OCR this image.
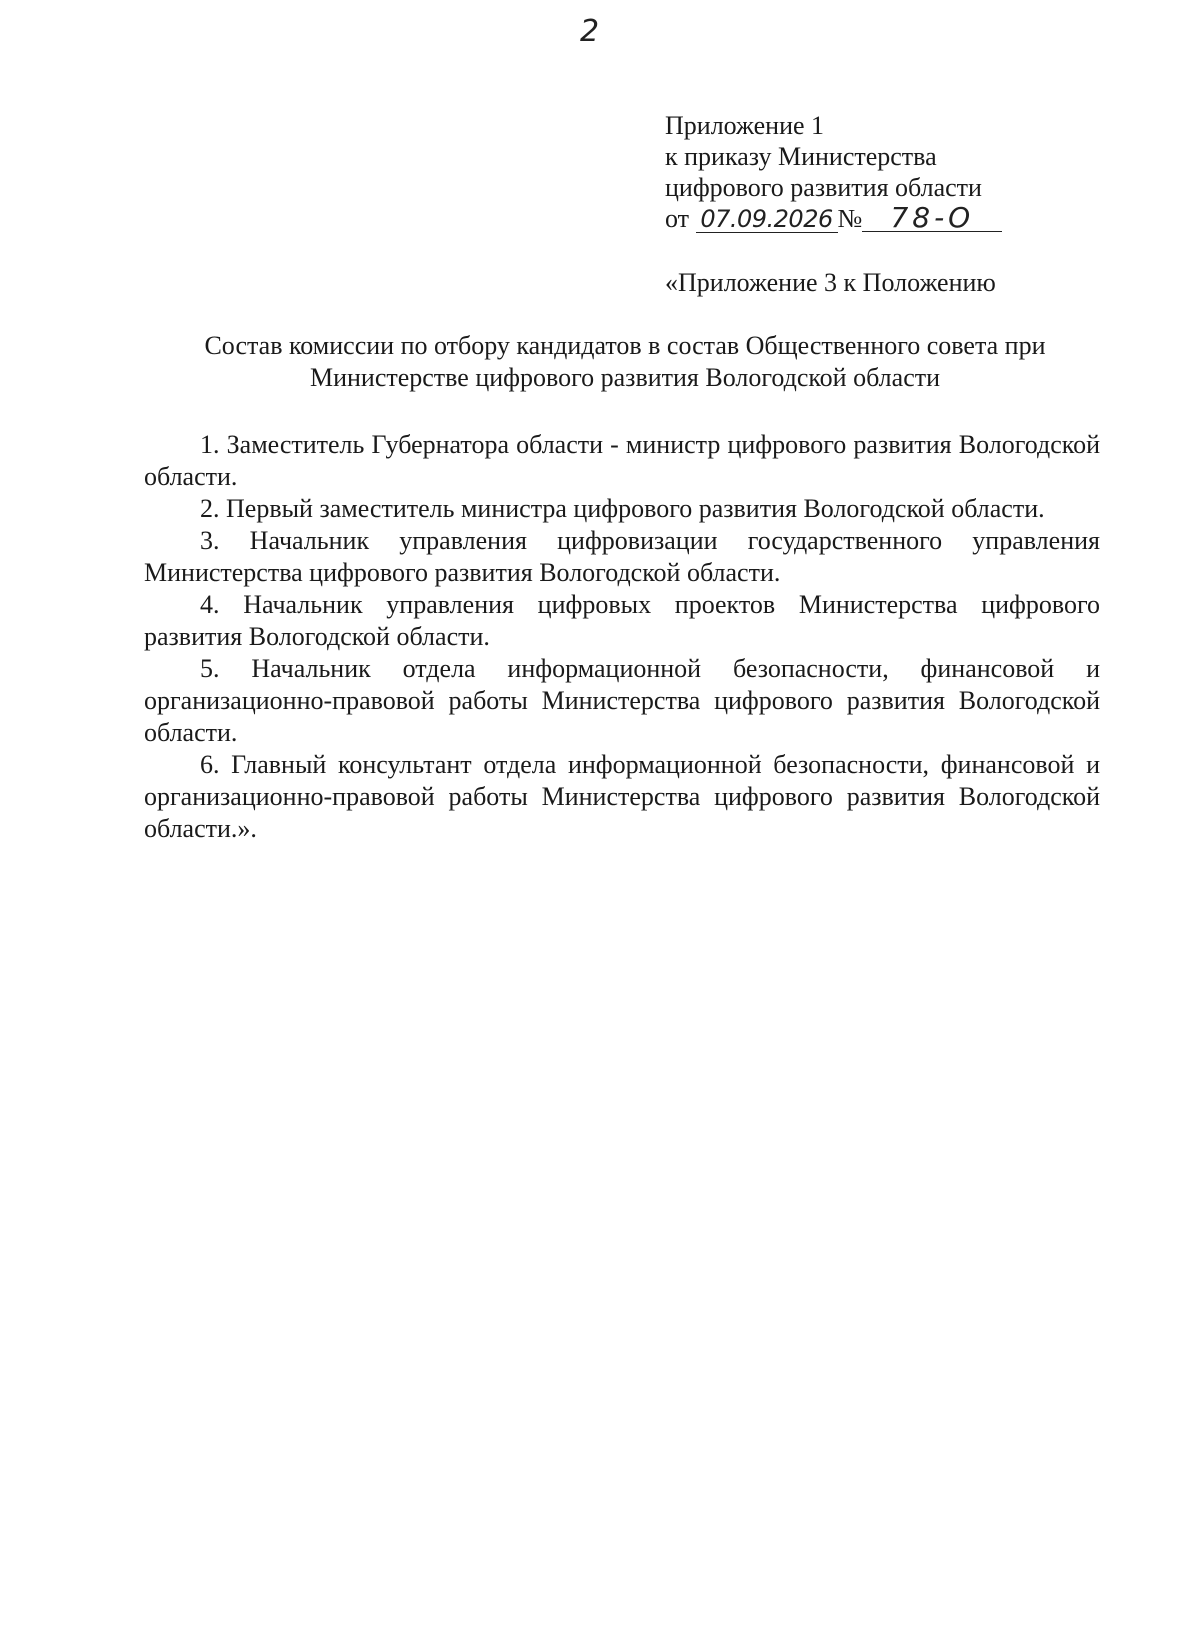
2
Приложение 1
к приказу Министерства
цифрового развития области
от 07.09.2026 № 78-О
«Приложение 3 к Положению
Состав комиссии по отбору кандидатов в состав Общественного совета при
Министерстве цифрового развития Вологодской области

1. Заместитель Губернатора области - министр цифрового развития Вологодской области.

2. Первый заместитель министра цифрового развития Вологодской области.

3. Начальник управления цифровизации государственного управления Министерства цифрового развития Вологодской области.

4. Начальник управления цифровых проектов Министерства цифрового развития Вологодской области.

5. Начальник отдела информационной безопасности, финансовой и организационно-правовой работы Министерства цифрового развития Вологодской области.

6. Главный консультант отдела информационной безопасности, финансовой и организационно-правовой работы Министерства цифрового развития Вологодской области.».
